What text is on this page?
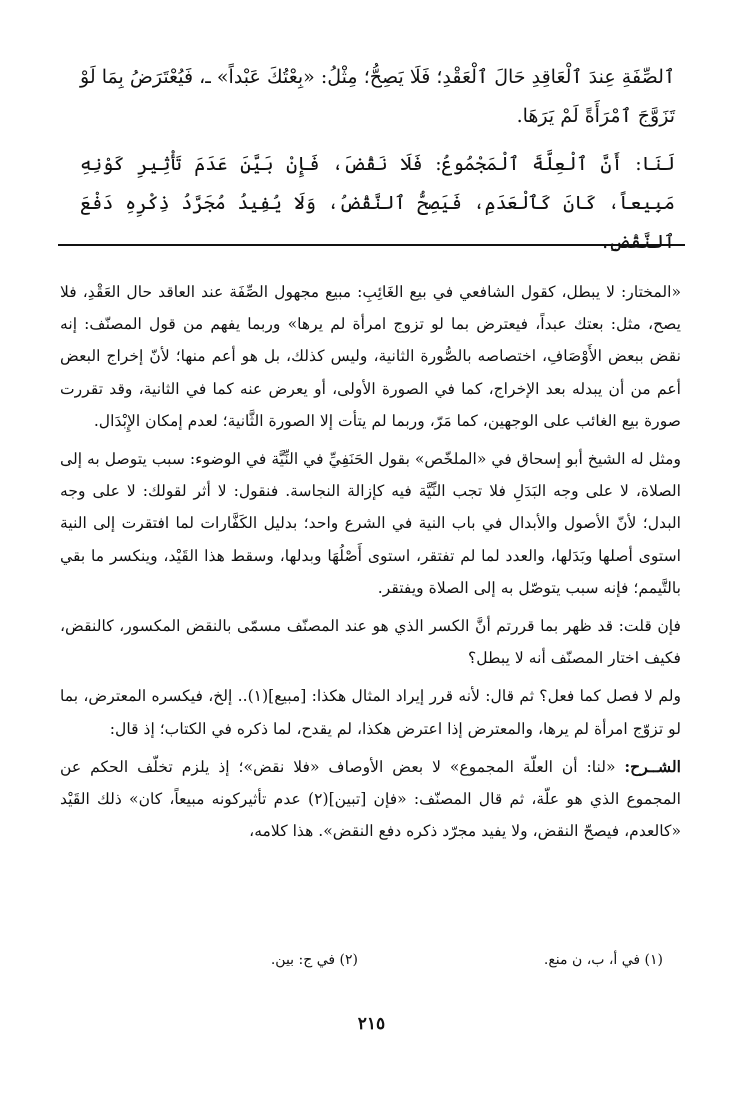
ٱلصِّفَةِ عِندَ ٱلْعَاقِدِ حَالَ ٱلْعَقْدِ؛ فَلَا يَصِحُّ؛ مِثْلُ: «بِعْتُكَ عَبْداً» ـ، فَيُعْتَرَضُ بِمَا لَوْ تَزَوَّجَ ٱمْرَأَةً لَمْ يَرَهَا.

لَنَا: أَنَّ ٱلْعِلَّةَ ٱلْمَجْمُوعُ: فَلَا نَقْضَ، فَإِنْ بَيَّنَ عَدَمَ تَأْثِيرِ كَوْنِهِ مَبِيعاً، كَانَ كَٱلْعَدَمِ، فَيَصِحُّ ٱلنَّقْضُ، وَلَا يُفِيدُ مُجَرَّدُ ذِكْرِهِ دَفْعَ ٱلنَّقْضِ.

«المختار: لا يبطل، كقول الشافعي في بيع الغَائِبِ: مبيع مجهول الصِّفَة عند العاقد حال العَقْدِ، فلا يصح، مثل: بعتك عبداً، فيعترض بما لو تزوج امرأة لم يرها» وربما يفهم من قول المصنّف: إنه نقض ببعض الأَوْصَافِ، اختصاصه بالصُّورة الثانية، وليس كذلك، بل هو أعم منها؛ لأنّ إخراج البعض أعم من أن يبدله بعد الإخراج، كما في الصورة الأولى، أو يعرض عنه كما في الثانية، وقد تقررت صورة بيع الغائب على الوجهين، كما مَرّ، وربما لم يتأت إلا الصورة الثَّانية؛ لعدم إمكان الإِبْدَال.

ومثل له الشيخ أبو إسحاق في «الملخّص» بقول الحَنَفِيِّ في النِّيَّة في الوضوء: سبب يتوصل به إلى الصلاة، لا على وجه البَدَلِ فلا تجب النِّيَّة فيه كإزالة النجاسة. فنقول: لا أثر لقولك: لا على وجه البدل؛ لأنّ الأصول والأبدال في باب النية في الشرع واحد؛ بدليل الكَفَّارات لما افتقرت إلى النية استوى أصلها وبَدَلها، والعدد لما لم تفتقر، استوى أَصْلُهَا وبدلها، وسقط هذا القَيْد، وينكسر ما بقي بالتَّيمم؛ فإنه سبب يتوصّل به إلى الصلاة ويفتقر.

فإن قلت: قد ظهر بما قررتم أنَّ الكسر الذي هو عند المصنّف مسمّى بالنقض المكسور، كالنقض، فكيف اختار المصنّف أنه لا يبطل؟

ولم لا فصل كما فعل؟ ثم قال: لأنه قرر إيراد المثال هكذا: [مبيع](١).. إلخ، فيكسره المعترض، بما لو تزوّج امرأة لم يرها، والمعترض إذا اعترض هكذا، لم يقدح، لما ذكره في الكتاب؛ إذ قال:

الشــرح: «لنا: أن العلّة المجموع» لا بعض الأوصاف «فلا نقض»؛ إذ يلزم تخلّف الحكم عن المجموع الذي هو علّة، ثم قال المصنّف: «فإن [تبين](٢) عدم تأثيركونه مبيعاً، كان» ذلك القَيْد «كالعدم، فيصحّ النقض، ولا يفيد مجرّد ذكره دفع النقض». هذا كلامه،

(١) في أ، ب، ن منع.
(٢) في ج: بين.
٢١٥
